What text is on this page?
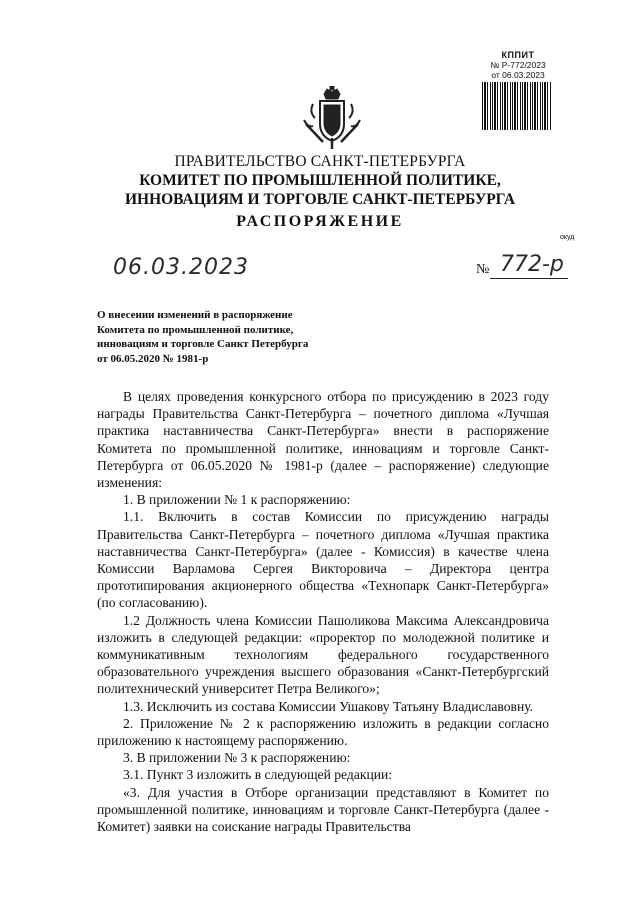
КППИТ
№ Р-772/2023
от 06.03.2023
ПРАВИТЕЛЬСТВО САНКТ-ПЕТЕРБУРГА
КОМИТЕТ ПО ПРОМЫШЛЕННОЙ ПОЛИТИКЕ,
ИННОВАЦИЯМ И ТОРГОВЛЕ САНКТ-ПЕТЕРБУРГА
РАСПОРЯЖЕНИЕ
окуд
06.03.2023	№ 772-р
О внесении изменений в распоряжение
Комитета по промышленной политике,
инновациям и торговле Санкт Петербурга
от 06.05.2020 № 1981-р

В целях проведения конкурсного отбора по присуждению в 2023 году награды Правительства Санкт-Петербурга – почетного диплома «Лучшая практика наставничества Санкт-Петербурга» внести в распоряжение Комитета по промышленной политике, инновациям и торговле Санкт-Петербурга от 06.05.2020 № 1981-р (далее – распоряжение) следующие изменения:

1. В приложении № 1 к распоряжению:

1.1. Включить в состав Комиссии по присуждению награды Правительства Санкт-Петербурга – почетного диплома «Лучшая практика наставничества Санкт-Петербурга» (далее - Комиссия) в качестве члена Комиссии Варламова Сергея Викторовича – Директора центра прототипирования акционерного общества «Технопарк Санкт-Петербурга» (по согласованию).

1.2 Должность члена Комиссии Пашоликова Максима Александровича изложить в следующей редакции: «проректор по молодежной политике и коммуникативным технологиям федерального государственного образовательного учреждения высшего образования «Санкт-Петербургский политехнический университет Петра Великого»;

1.3. Исключить из состава Комиссии Ушакову Татьяну Владиславовну.

2. Приложение № 2 к распоряжению изложить в редакции согласно приложению к настоящему распоряжению.

3. В приложении № 3 к распоряжению:

3.1. Пункт 3 изложить в следующей редакции:

«3. Для участия в Отборе организации представляют в Комитет по промышленной политике, инновациям и торговле Санкт-Петербурга (далее - Комитет) заявки на соискание награды Правительства
